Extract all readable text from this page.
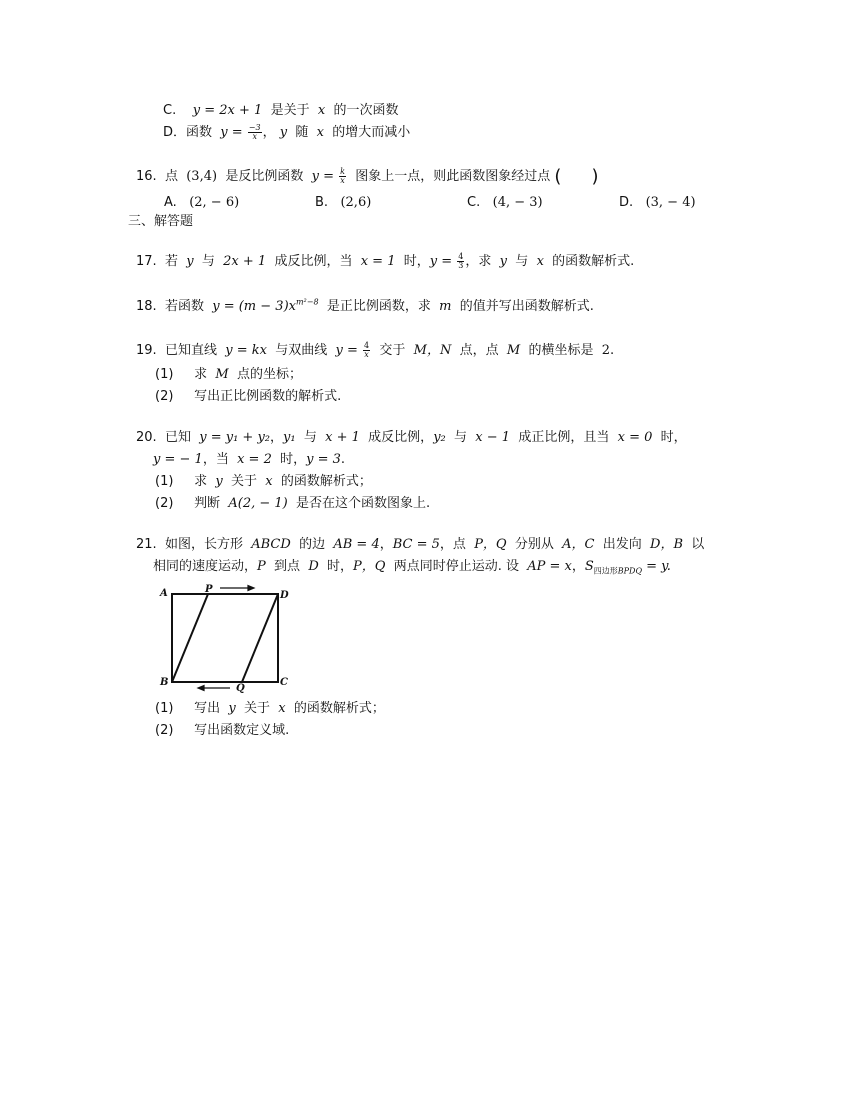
C. y = 2x + 1 是关于 x 的一次函数
D．函数 $y = \frac{-3}{x}$ ， y 随 x 的增大而减小
16. 点 (3,4) 是反比例函数 $y = \frac{k}{x}$ 图象上一点，则此函数图象经过点 ( )
A. (2, − 6)	B. (2,6)	C. (4, − 3)	D. (3, − 4)
三、解答题
17. 若 y 与 2x + 1 成反比例，当 x = 1 时，$y = \frac{4}{3}$ ，求 y 与 x 的函数解析式.
18. 若函数 $y = (m - 3)x^{m^2-8}$ 是正比例函数，求 m 的值并写出函数解析式.
19. 已知直线 y = kx 与双曲线 $y = \frac{4}{x}$ 交于 M，N 点，点 M 的横坐标是 2.
(1) 求 M 点的坐标；
(2) 写出正比例函数的解析式.
20. 已知 y = y₁ + y₂，y₁ 与 x + 1 成反比例，y₂ 与 x − 1 成正比例，且当 x = 0 时，
y = − 1，当 x = 2 时，y = 3.
(1) 求 y 关于 x 的函数解析式；
(2) 判断 A(2, − 1) 是否在这个函数图象上.
21. 如图，长方形 ABCD 的边 AB = 4，BC = 5，点 P，Q 分别从 A，C 出发向 D，B 以
相同的速度运动，P 到点 D 时，P，Q 两点同时停止运动. 设 AP = x，$S_{四边形BPDQ} = y$.
A	P
D
B
Q
C
(1) 写出 y 关于 x 的函数解析式；
(2) 写出函数定义域.
